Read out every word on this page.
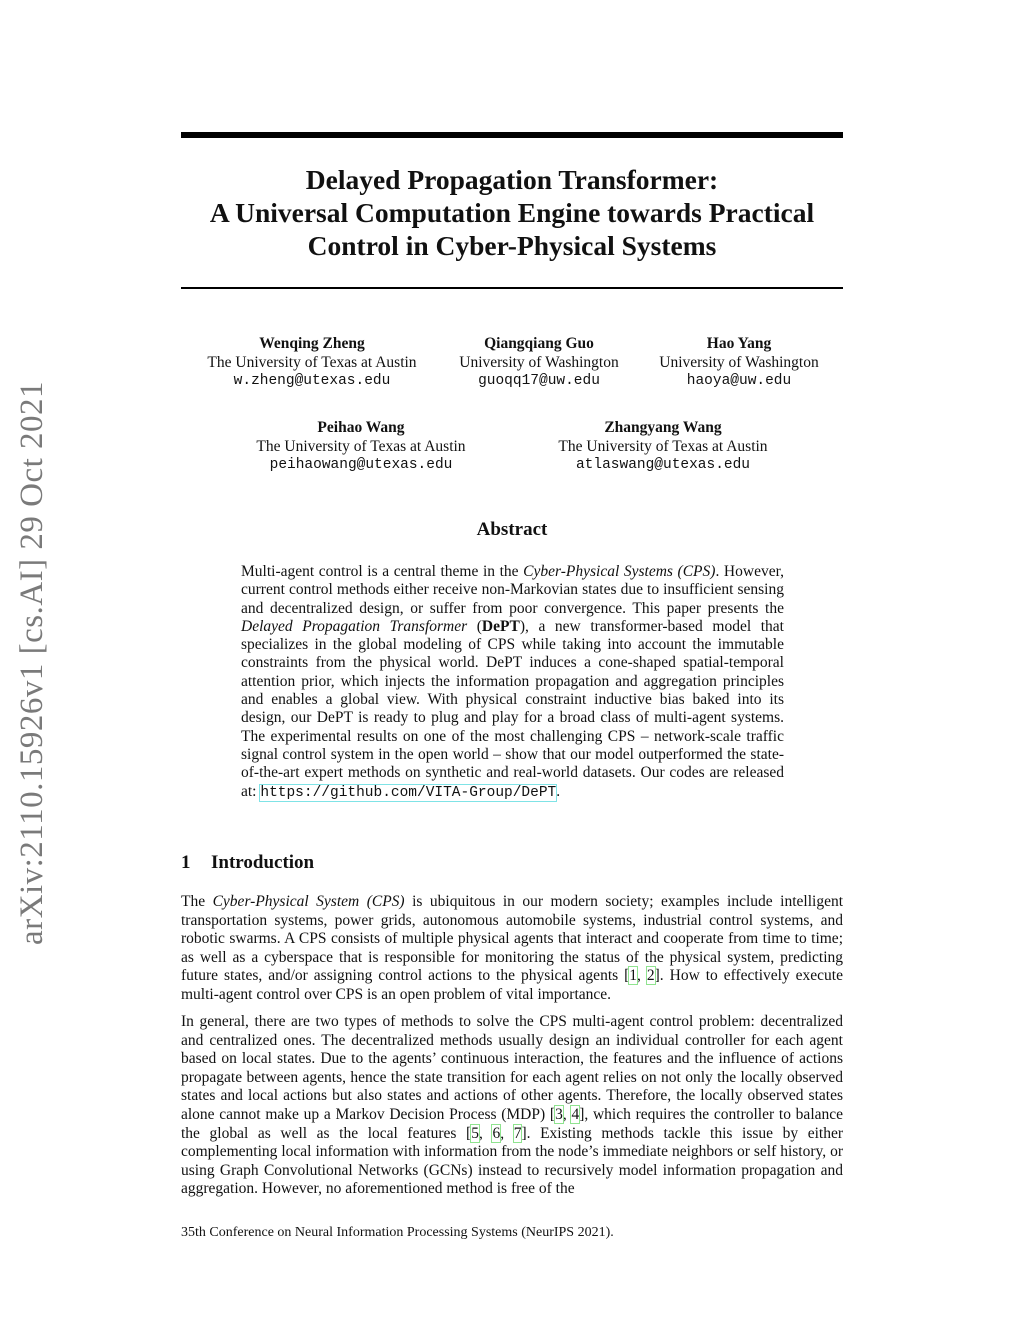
arXiv:2110.15926v1 [cs.AI] 29 Oct 2021
Delayed Propagation Transformer:
A Universal Computation Engine towards Practical
Control in Cyber-Physical Systems
Wenqing Zheng
The University of Texas at Austin
w.zheng@utexas.edu
Qiangqiang Guo
University of Washington
guoqq17@uw.edu
Hao Yang
University of Washington
haoya@uw.edu
Peihao Wang
The University of Texas at Austin
peihaowang@utexas.edu
Zhangyang Wang
The University of Texas at Austin
atlaswang@utexas.edu
Abstract
Multi-agent control is a central theme in the Cyber-Physical Systems (CPS). However, current control methods either receive non-Markovian states due to insufficient sensing and decentralized design, or suffer from poor convergence. This paper presents the Delayed Propagation Transformer (DePT), a new transformer-based model that specializes in the global modeling of CPS while taking into account the immutable constraints from the physical world. DePT induces a cone-shaped spatial-temporal attention prior, which injects the information propagation and aggregation principles and enables a global view. With physical constraint inductive bias baked into its design, our DePT is ready to plug and play for a broad class of multi-agent systems. The experimental results on one of the most challenging CPS – network-scale traffic signal control system in the open world – show that our model outperformed the state-of-the-art expert methods on synthetic and real-world datasets. Our codes are released at: https://github.com/VITA-Group/DePT.
1 Introduction
The Cyber-Physical System (CPS) is ubiquitous in our modern society; examples include intelligent transportation systems, power grids, autonomous automobile systems, industrial control systems, and robotic swarms. A CPS consists of multiple physical agents that interact and cooperate from time to time; as well as a cyberspace that is responsible for monitoring the status of the physical system, predicting future states, and/or assigning control actions to the physical agents [1, 2]. How to effectively execute multi-agent control over CPS is an open problem of vital importance.
In general, there are two types of methods to solve the CPS multi-agent control problem: decentralized and centralized ones. The decentralized methods usually design an individual controller for each agent based on local states. Due to the agents’ continuous interaction, the features and the influence of actions propagate between agents, hence the state transition for each agent relies on not only the locally observed states and local actions but also states and actions of other agents. Therefore, the locally observed states alone cannot make up a Markov Decision Process (MDP) [3, 4], which requires the controller to balance the global as well as the local features [5, 6, 7]. Existing methods tackle this issue by either complementing local information with information from the node’s immediate neighbors or self history, or using Graph Convolutional Networks (GCNs) instead to recursively model information propagation and aggregation. However, no aforementioned method is free of the
35th Conference on Neural Information Processing Systems (NeurIPS 2021).
